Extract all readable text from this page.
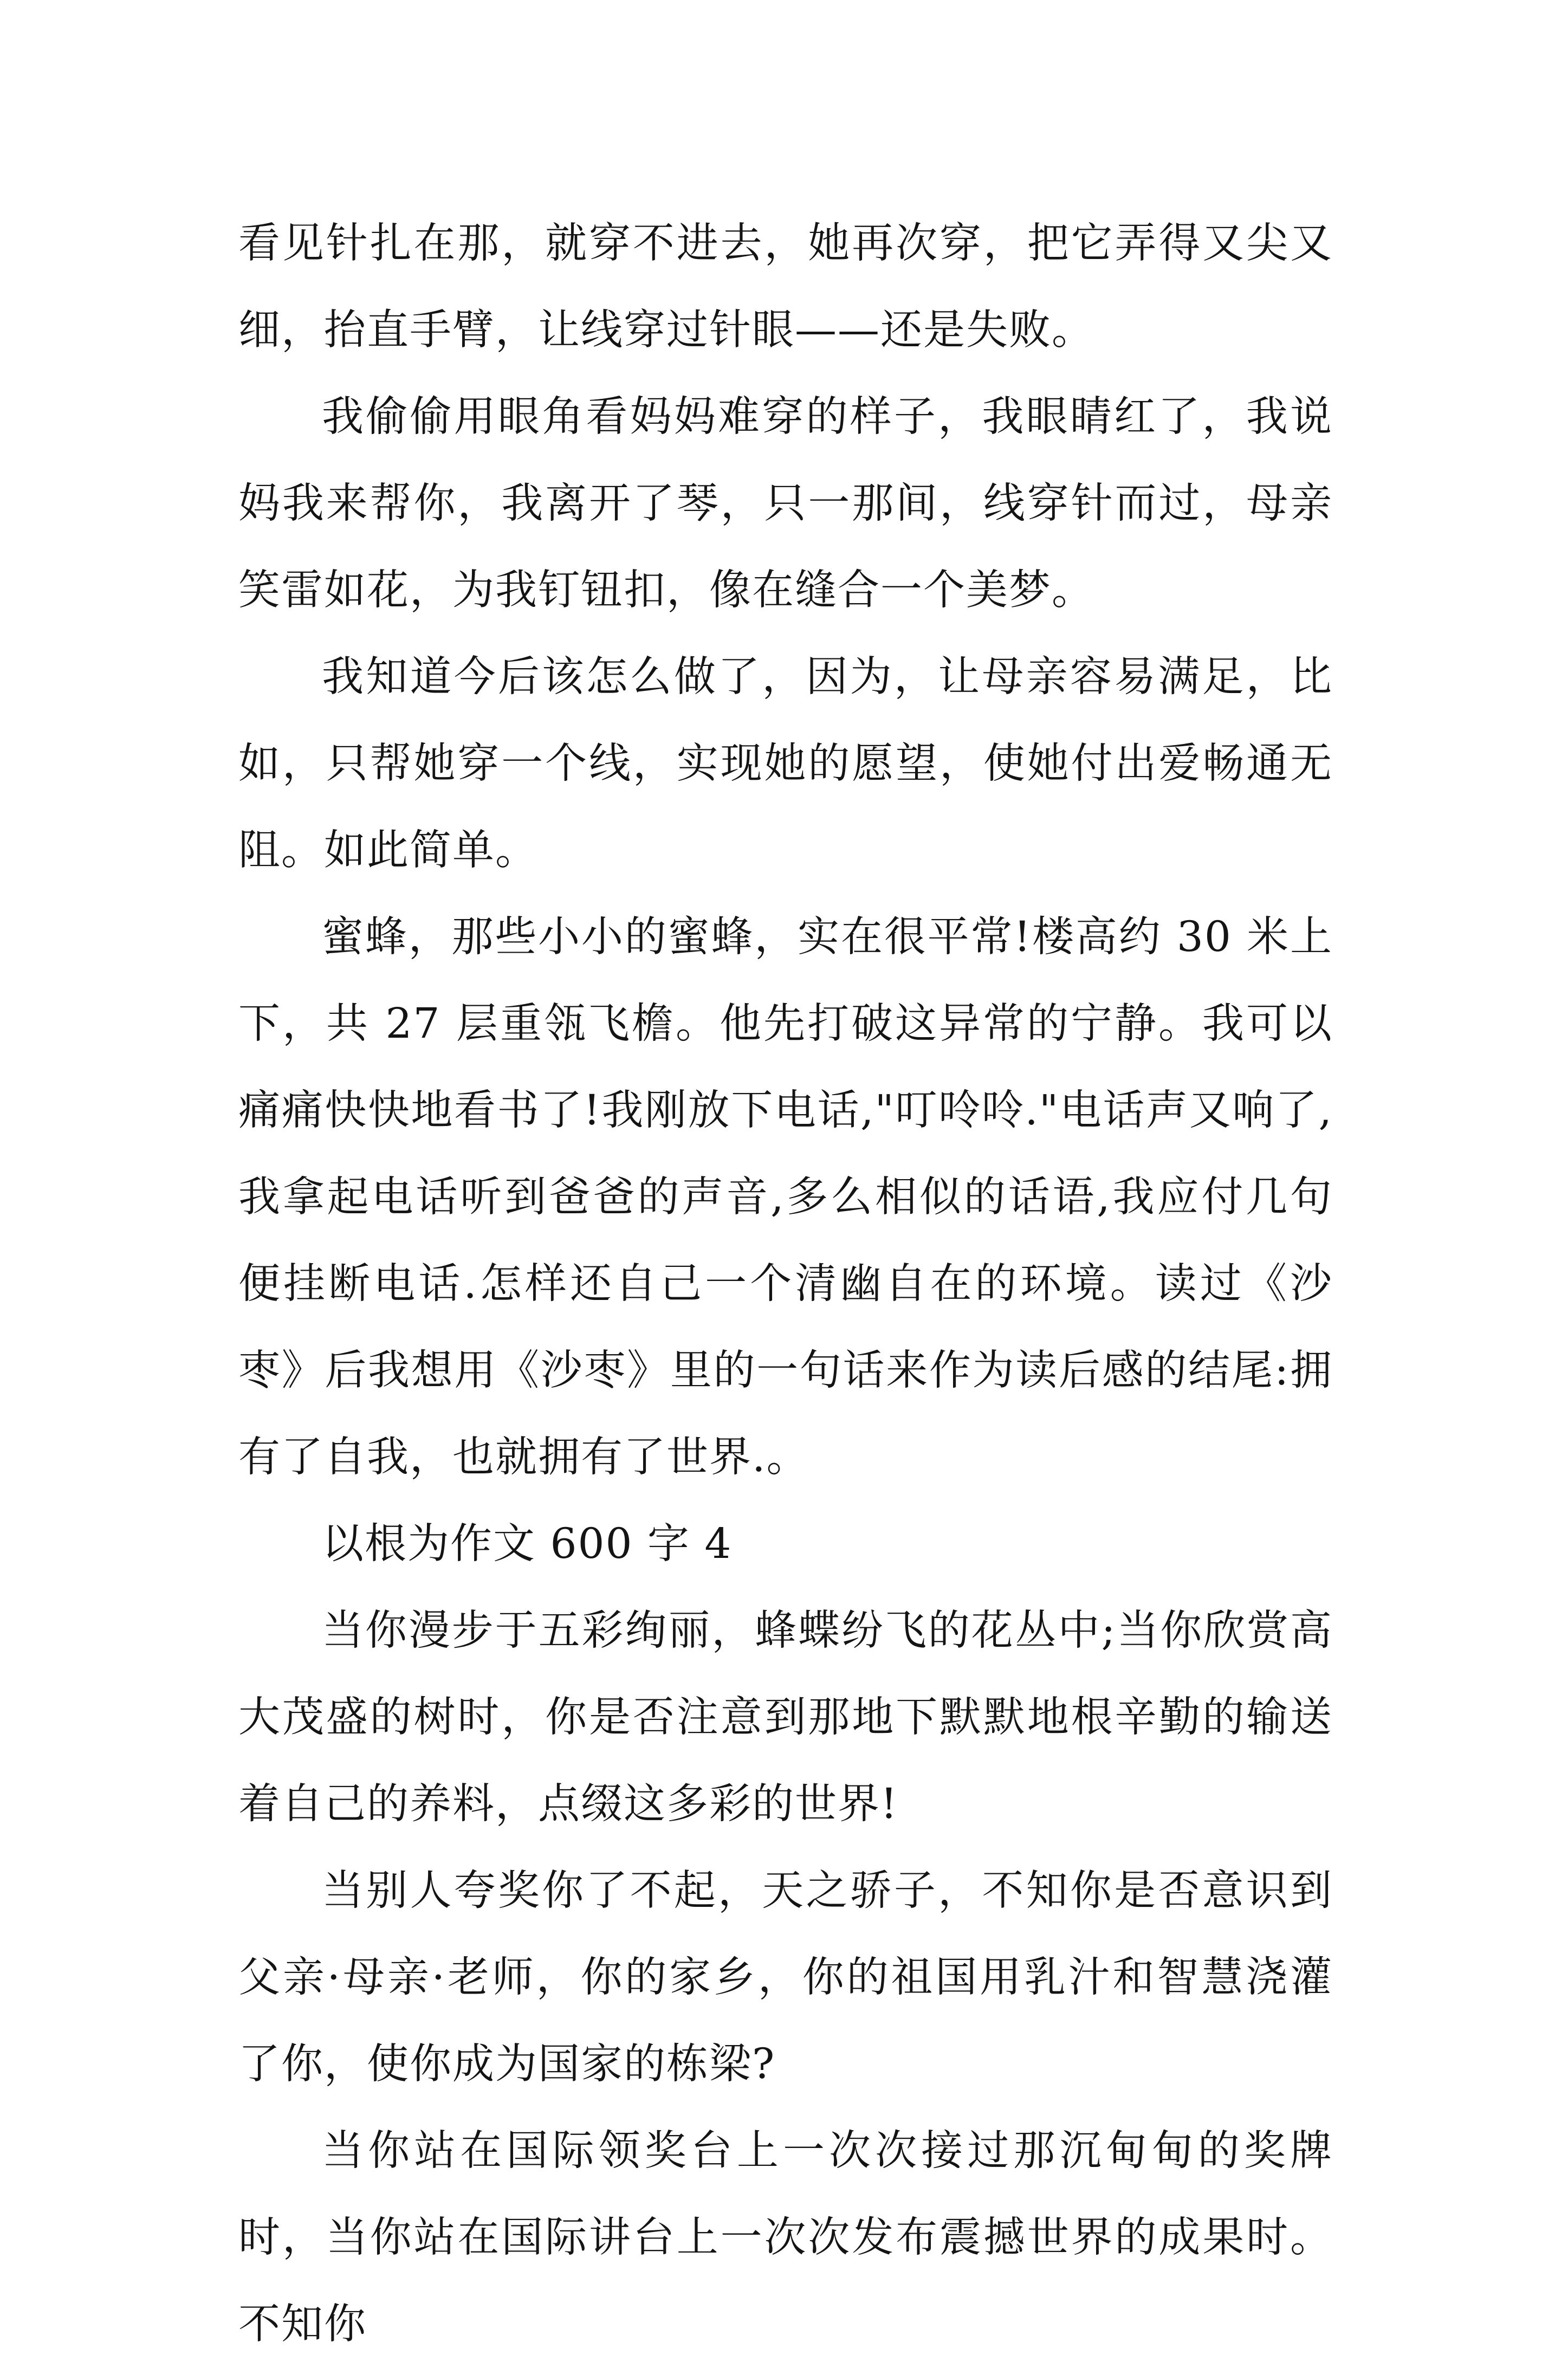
看见针扎在那，就穿不进去，她再次穿，把它弄得又尖又细，抬直手臂，让线穿过针眼——还是失败。

我偷偷用眼角看妈妈难穿的样子，我眼睛红了，我说妈我来帮你，我离开了琴，只一那间，线穿针而过，母亲笑雷如花，为我钉钮扣，像在缝合一个美梦。

我知道今后该怎么做了，因为，让母亲容易满足，比如，只帮她穿一个线，实现她的愿望，使她付出爱畅通无阻。如此简单。

蜜蜂，那些小小的蜜蜂，实在很平常!楼高约 30 米上下，共 27 层重瓴飞檐。他先打破这异常的宁静。我可以痛痛快快地看书了!我刚放下电话,"叮呤呤."电话声又响了,我拿起电话听到爸爸的声音,多么相似的话语,我应付几句便挂断电话.怎样还自己一个清幽自在的环境。读过《沙枣》后我想用《沙枣》里的一句话来作为读后感的结尾:拥有了自我，也就拥有了世界.。

以根为作文 600 字 4

当你漫步于五彩绚丽，蜂蝶纷飞的花丛中;当你欣赏高大茂盛的树时，你是否注意到那地下默默地根辛勤的输送着自己的养料，点缀这多彩的世界!

当别人夸奖你了不起，天之骄子，不知你是否意识到父亲·母亲·老师，你的家乡，你的祖国用乳汁和智慧浇灌了你，使你成为国家的栋梁?

当你站在国际领奖台上一次次接过那沉甸甸的奖牌时，当你站在国际讲台上一次次发布震撼世界的成果时。不知你
